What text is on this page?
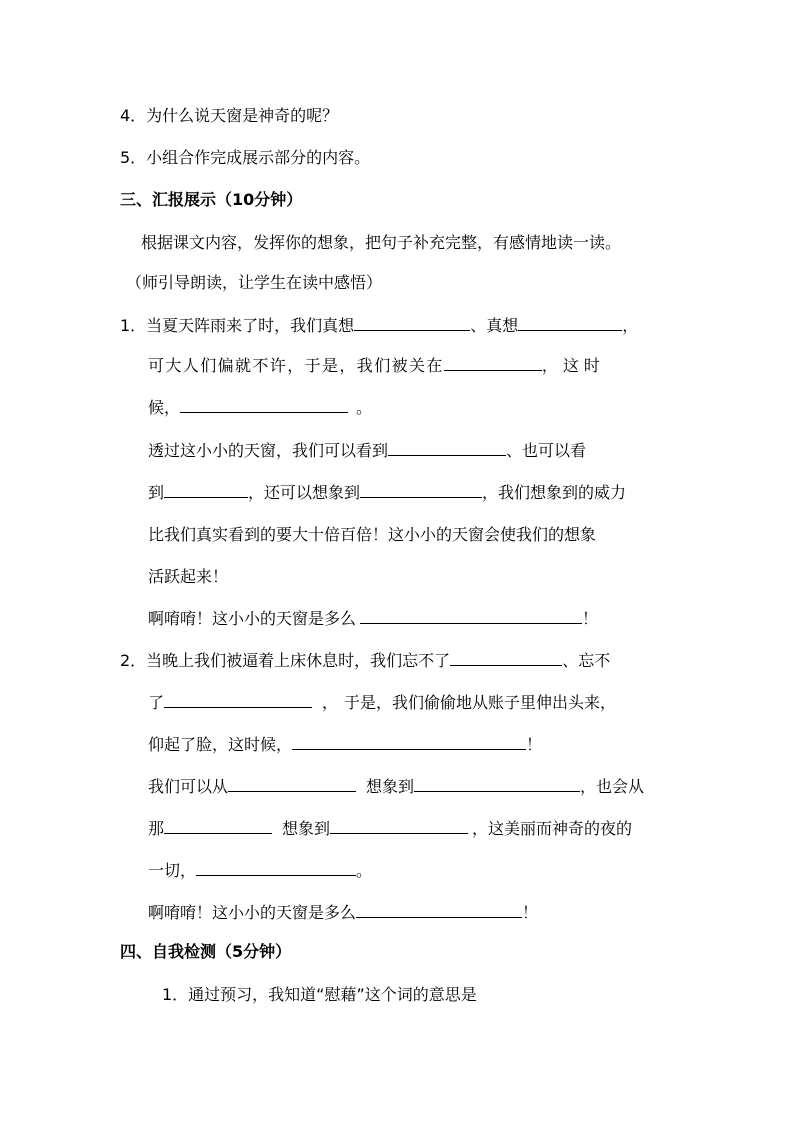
4．为什么说天窗是神奇的呢？
5．小组合作完成展示部分的内容。
三、汇报展示（10分钟）
根据课文内容，发挥你的想象，把句子补充完整，有感情地读一读。
（师引导朗读，让学生在读中感悟）
1．当夏天阵雨来了时，我们真想	、真想	，
可大人们偏就不许，于是，我们被关在	，这时
候，	。
透过这小小的天窗，我们可以看到	、也可以看
到	，还可以想象到	，我们想象到的威力
比我们真实看到的要大十倍百倍！这小小的天窗会使我们的想象
活跃起来！
啊唷唷！这小小的天窗是多么	！
2．当晚上我们被逼着上床休息时，我们忘不了	、忘不
了	， 于是，我们偷偷地从账子里伸出头来，
仰起了脸，这时候，	！
我们可以从	想象到	，也会从
那	想象到	，这美丽而神奇的夜的
一切，	。
啊唷唷！这小小的天窗是多么	！
四、自我检测（5分钟）
1．通过预习，我知道“慰藉”这个词的意思是
